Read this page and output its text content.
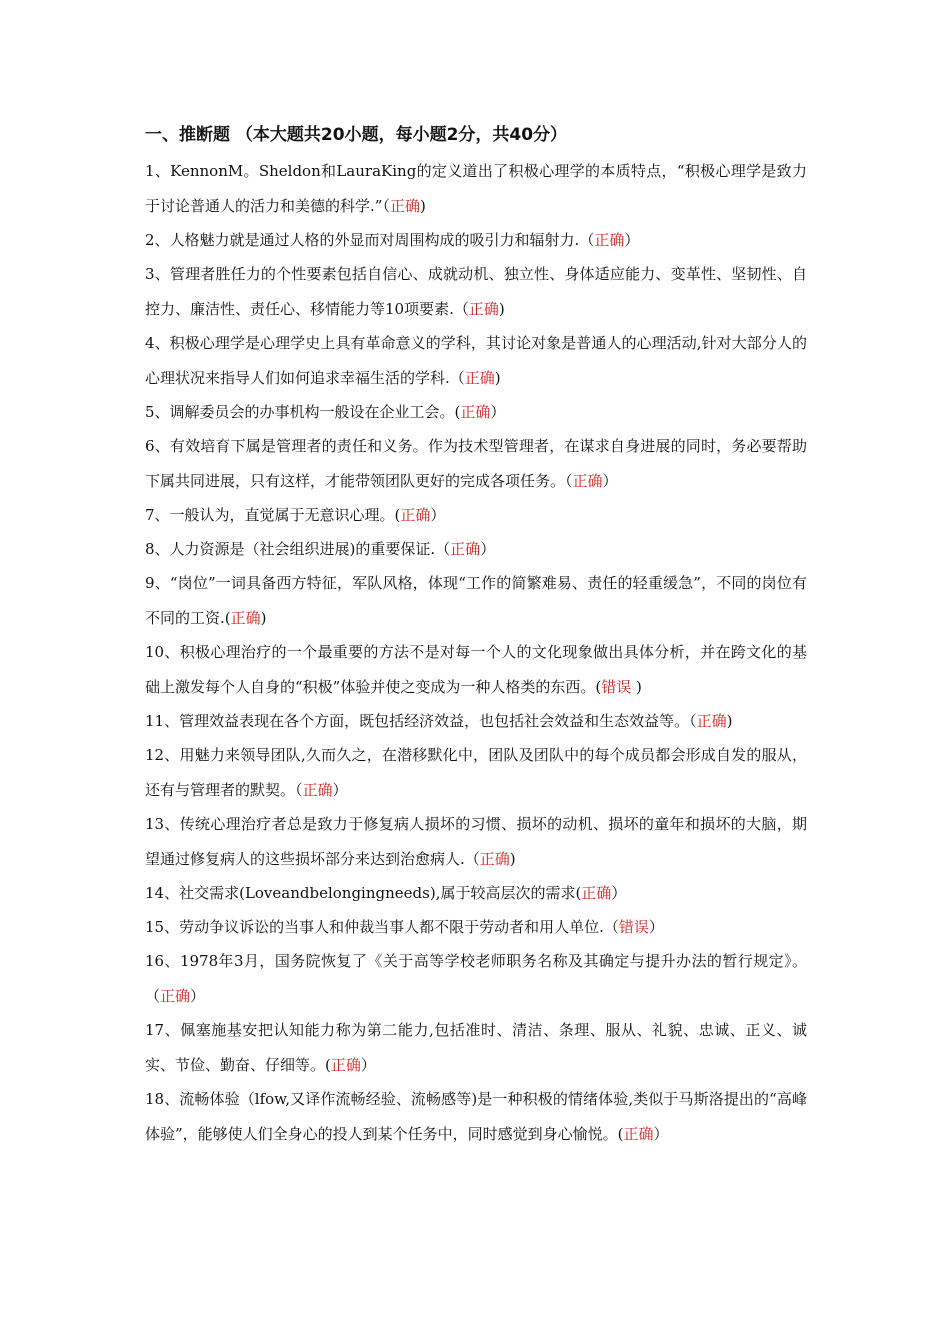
一、推断题 （本大题共20小题，每小题2分，共40分）

1、KennonM。Sheldon和LauraKing的定义道出了积极心理学的本质特点，“积极心理学是致力于讨论普通人的活力和美德的科学.”（正确)

2、人格魅力就是通过人格的外显而对周围构成的吸引力和辐射力.（正确）

3、管理者胜任力的个性要素包括自信心、成就动机、独立性、身体适应能力、变革性、坚韧性、自控力、廉洁性、责任心、移情能力等10项要素.（正确)

4、积极心理学是心理学史上具有革命意义的学科，其讨论对象是普通人的心理活动,针对大部分人的心理状况来指导人们如何追求幸福生活的学科.（正确)

5、调解委员会的办事机构一般设在企业工会。(正确）

6、有效培育下属是管理者的责任和义务。作为技术型管理者，在谋求自身进展的同时，务必要帮助下属共同进展，只有这样，才能带领团队更好的完成各项任务。（正确）

7、一般认为，直觉属于无意识心理。(正确）

8、人力资源是（社会组织进展)的重要保证.（正确）

9、“岗位”一词具备西方特征，军队风格，体现“工作的简繁难易、责任的轻重缓急”，不同的岗位有不同的工资.(正确)

10、积极心理治疗的一个最重要的方法不是对每一个人的文化现象做出具体分析，并在跨文化的基础上激发每个人自身的“积极”体验并使之变成为一种人格类的东西。(错误 )

11、管理效益表现在各个方面，既包括经济效益，也包括社会效益和生态效益等。（正确)

12、用魅力来领导团队,久而久之，在潜移默化中，团队及团队中的每个成员都会形成自发的服从，还有与管理者的默契。（正确）

13、传统心理治疗者总是致力于修复病人损坏的习惯、损坏的动机、损坏的童年和损坏的大脑，期望通过修复病人的这些损坏部分来达到治愈病人.（正确)

14、社交需求(Loveandbelongingneeds),属于较高层次的需求(正确）

15、劳动争议诉讼的当事人和仲裁当事人都不限于劳动者和用人单位.（错误）

16、1978年3月，国务院恢复了《关于高等学校老师职务名称及其确定与提升办法的暂行规定》。（正确）

17、佩塞施基安把认知能力称为第二能力,包括准时、清洁、条理、服从、礼貌、忠诚、正义、诚实、节俭、勤奋、仔细等。(正确）

18、流畅体验（lfow,又译作流畅经验、流畅感等)是一种积极的情绪体验,类似于马斯洛提出的“高峰体验”，能够使人们全身心的投人到某个任务中，同时感觉到身心愉悦。(正确）
